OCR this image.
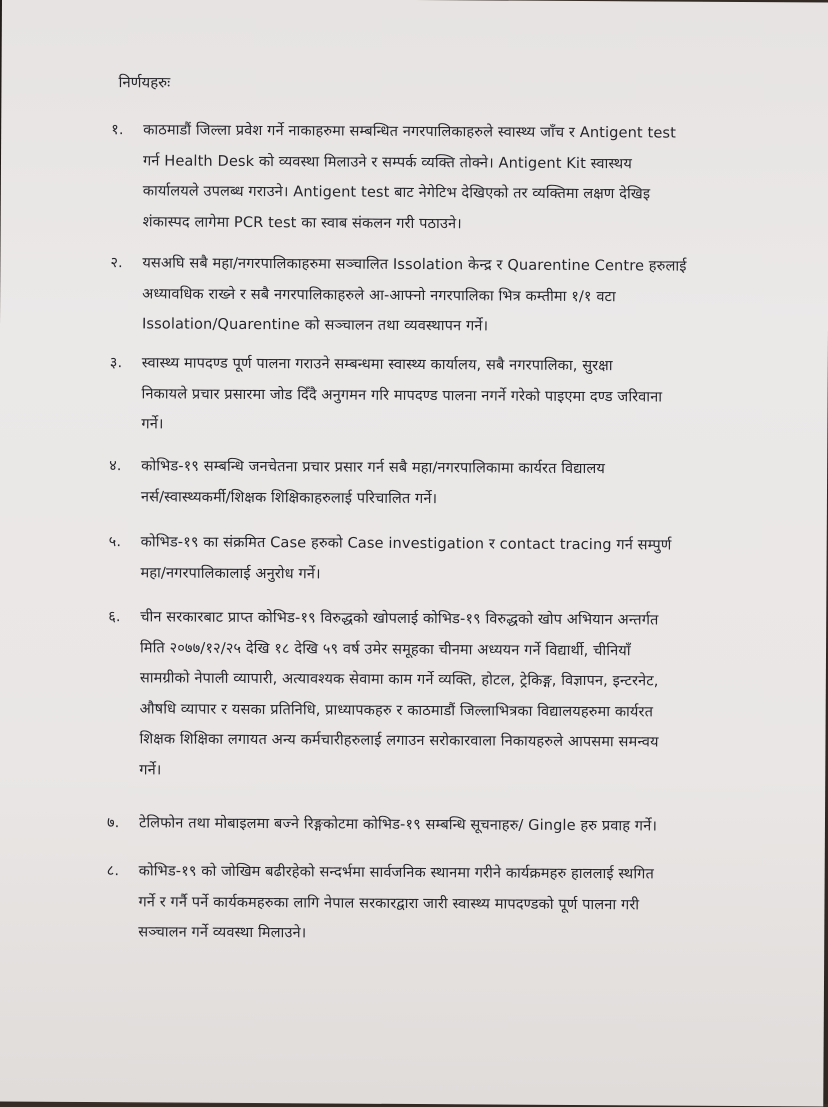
निर्णयहरुः
१.	काठमाडौं जिल्ला प्रवेश गर्ने नाकाहरुमा सम्बन्धित नगरपालिकाहरुले स्वास्थ्य जाँच र Antigent test
गर्न Health Desk को व्यवस्था मिलाउने र सम्पर्क व्यक्ति तोक्ने। Antigent Kit स्वास्थय
कार्यालयले उपलब्ध गराउने। Antigent test बाट नेगेटिभ देखिएको तर व्यक्तिमा लक्षण देखिइ
शंकास्पद लागेमा PCR test का स्वाब संकलन गरी पठाउने।
२.	यसअघि सबै महा/नगरपालिकाहरुमा सञ्चालित Issolation केन्द्र र Quarentine Centre हरुलाई
अध्यावधिक राख्ने र सबै नगरपालिकाहरुले आ-आफ्नो नगरपालिका भित्र कम्तीमा १/१ वटा
Issolation/Quarentine को सञ्चालन तथा व्यवस्थापन गर्ने।
३.	स्वास्थ्य मापदण्ड पूर्ण पालना गराउने सम्बन्धमा स्वास्थ्य कार्यालय, सबै नगरपालिका, सुरक्षा
निकायले प्रचार प्रसारमा जोड दिँदै अनुगमन गरि मापदण्ड पालना नगर्ने गरेको पाइएमा दण्ड जरिवाना
गर्ने।
४.	कोभिड-१९ सम्बन्धि जनचेतना प्रचार प्रसार गर्न सबै महा/नगरपालिकामा कार्यरत विद्यालय
नर्स/स्वास्थ्यकर्मी/शिक्षक शिक्षिकाहरुलाई परिचालित गर्ने।
५.	कोभिड-१९ का संक्रमित Case हरुको Case investigation र contact tracing गर्न सम्पुर्ण
महा/नगरपालिकालाई अनुरोध गर्ने।
६.	चीन सरकारबाट प्राप्त कोभिड-१९ विरुद्धको खोपलाई कोभिड-१९ विरुद्धको खोप अभियान अन्तर्गत
मिति २०७७/१२/२५ देखि १८ देखि ५९ वर्ष उमेर समूहका चीनमा अध्ययन गर्ने विद्यार्थी, चीनियाँ
सामग्रीको नेपाली व्यापारी, अत्यावश्यक सेवामा काम गर्ने व्यक्ति, होटल, ट्रेकिङ्ग, विज्ञापन, इन्टरनेट,
औषधि व्यापार र यसका प्रतिनिधि, प्राध्यापकहरु र काठमाडौं जिल्लाभित्रका विद्यालयहरुमा कार्यरत
शिक्षक शिक्षिका लगायत अन्य कर्मचारीहरुलाई लगाउन सरोकारवाला निकायहरुले आपसमा समन्वय
गर्ने।
७.	टेलिफोन तथा मोबाइलमा बज्ने रिङ्गकोटमा कोभिड-१९ सम्बन्धि सूचनाहरु/ Gingle हरु प्रवाह गर्ने।
८.	कोभिड-१९ को जोखिम बढीरहेको सन्दर्भमा सार्वजनिक स्थानमा गरीने कार्यक्रमहरु हाललाई स्थगित
गर्ने र गर्नै पर्ने कार्यकमहरुका लागि नेपाल सरकारद्वारा जारी स्वास्थ्य मापदण्डको पूर्ण पालना गरी
सञ्चालन गर्ने व्यवस्था मिलाउने।
